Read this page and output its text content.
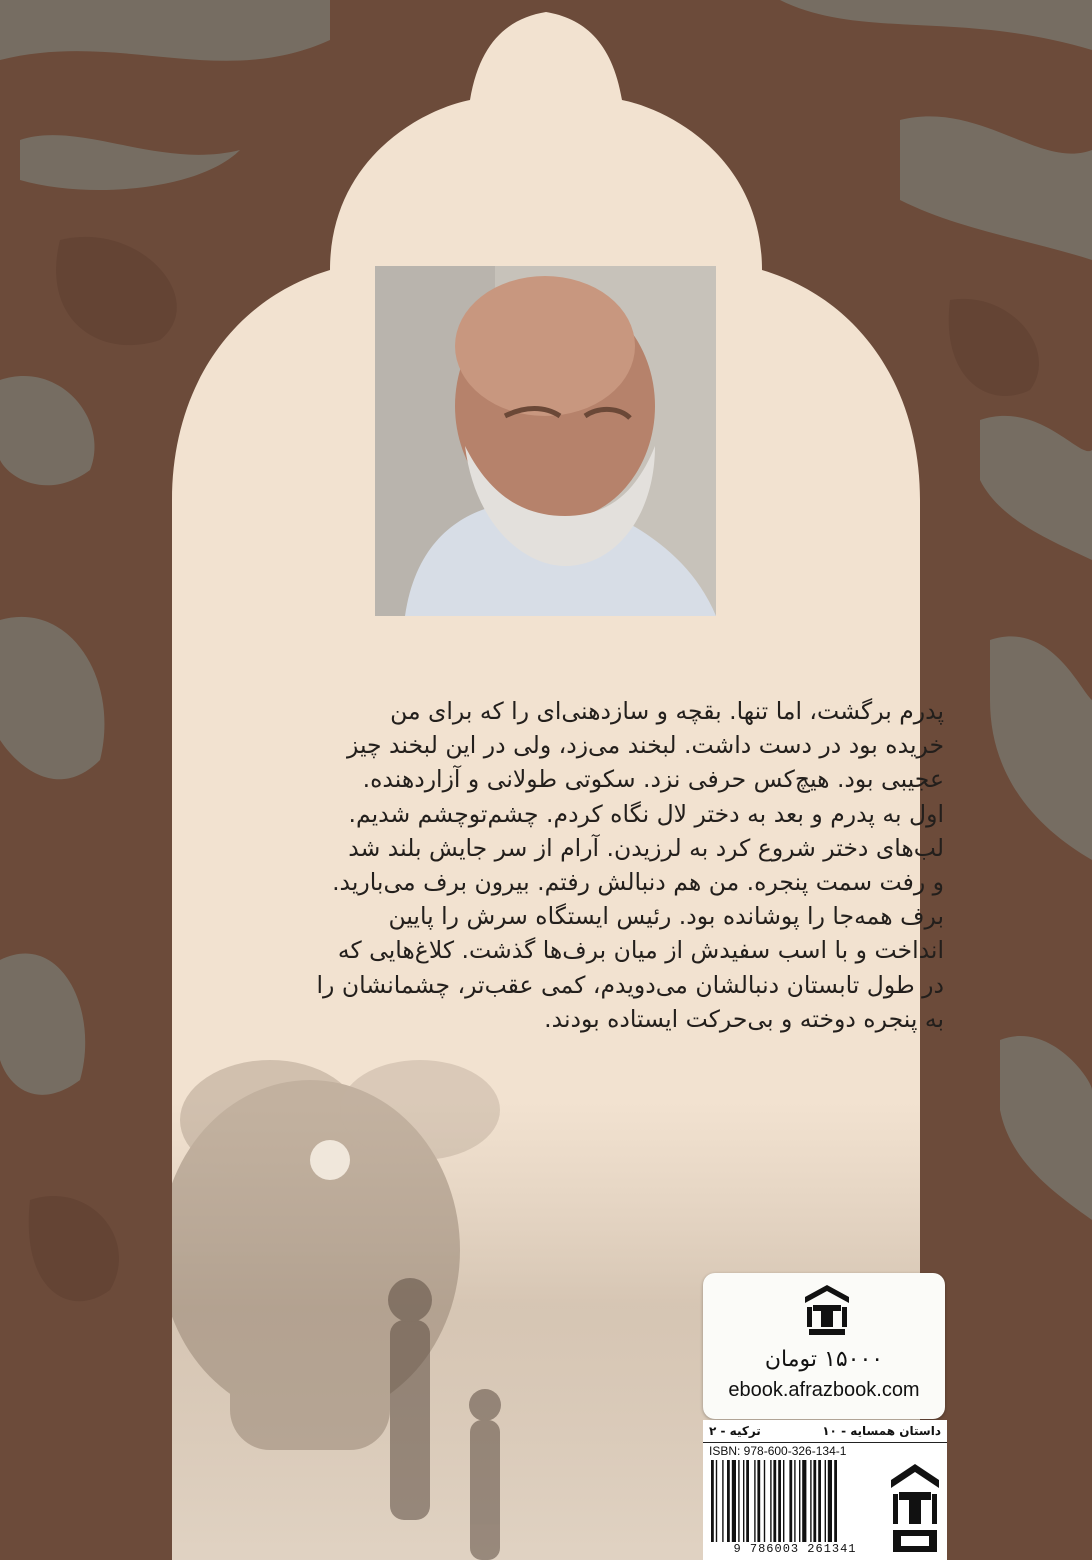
پدرم برگشت، اما تنها. بقچه و سازدهنی‌ای را که برای من
خریده بود در دست داشت. لبخند می‌زد، ولی در این لبخند چیز
عجیبی بود. هیچ‌کس حرفی نزد. سکوتی طولانی و آزاردهنده.
اول به پدرم و بعد به دختر لال نگاه کردم. چشم‌توچشم شدیم.
لب‌های دختر شروع کرد به لرزیدن. آرام از سر جایش بلند شد
و رفت سمت پنجره. من هم دنبالش رفتم. بیرون برف می‌بارید.
برف همه‌جا را پوشانده بود. رئیس ایستگاه سرش را پایین
انداخت و با اسب سفیدش از میان برف‌ها گذشت. کلاغ‌هایی که
در طول تابستان دنبالشان می‌دویدم، کمی عقب‌تر، چشمانشان را
به پنجره دوخته و بی‌حرکت ایستاده بودند.
۱۵۰۰۰ تومان
ebook.afrazbook.com
داستان همسایه - ۱۰
ترکیه - ۲
ISBN: 978-600-326-134-1
9 786003 261341
